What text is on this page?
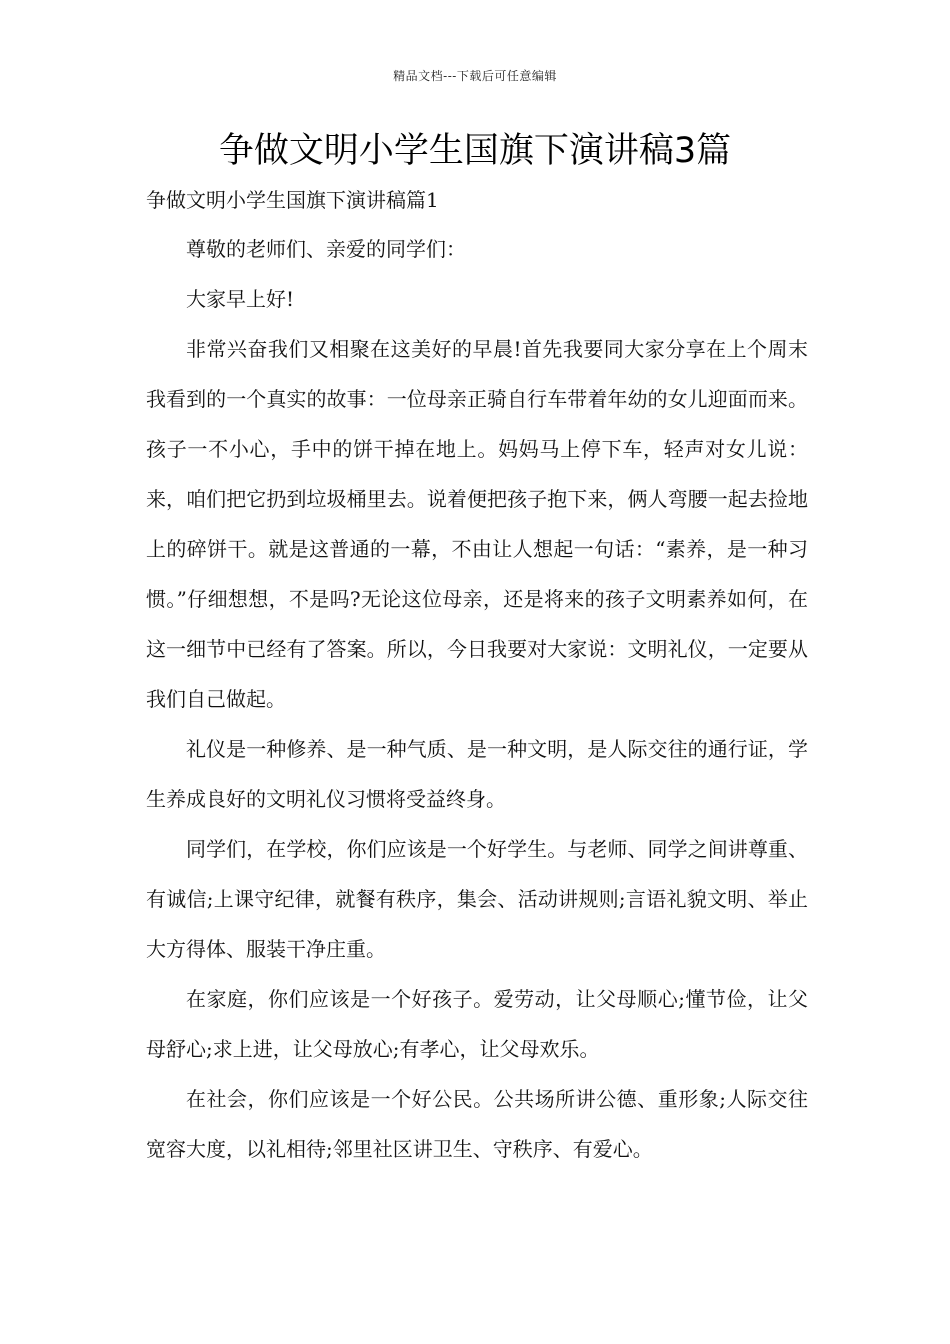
精品文档---下载后可任意编辑
争做文明小学生国旗下演讲稿3篇
争做文明小学生国旗下演讲稿篇1

尊敬的老师们、亲爱的同学们：

大家早上好!

非常兴奋我们又相聚在这美好的早晨!首先我要同大家分享在上个周末我看到的一个真实的故事：一位母亲正骑自行车带着年幼的女儿迎面而来。孩子一不小心，手中的饼干掉在地上。妈妈马上停下车，轻声对女儿说：来，咱们把它扔到垃圾桶里去。说着便把孩子抱下来，俩人弯腰一起去捡地上的碎饼干。就是这普通的一幕，不由让人想起一句话：“素养，是一种习惯。”仔细想想，不是吗?无论这位母亲，还是将来的孩子文明素养如何，在这一细节中已经有了答案。所以，今日我要对大家说：文明礼仪，一定要从我们自己做起。

礼仪是一种修养、是一种气质、是一种文明，是人际交往的通行证，学生养成良好的文明礼仪习惯将受益终身。

同学们，在学校，你们应该是一个好学生。与老师、同学之间讲尊重、有诚信;上课守纪律，就餐有秩序，集会、活动讲规则;言语礼貌文明、举止大方得体、服装干净庄重。

在家庭，你们应该是一个好孩子。爱劳动，让父母顺心;懂节俭，让父母舒心;求上进，让父母放心;有孝心，让父母欢乐。

在社会，你们应该是一个好公民。公共场所讲公德、重形象;人际交往宽容大度，以礼相待;邻里社区讲卫生、守秩序、有爱心。
